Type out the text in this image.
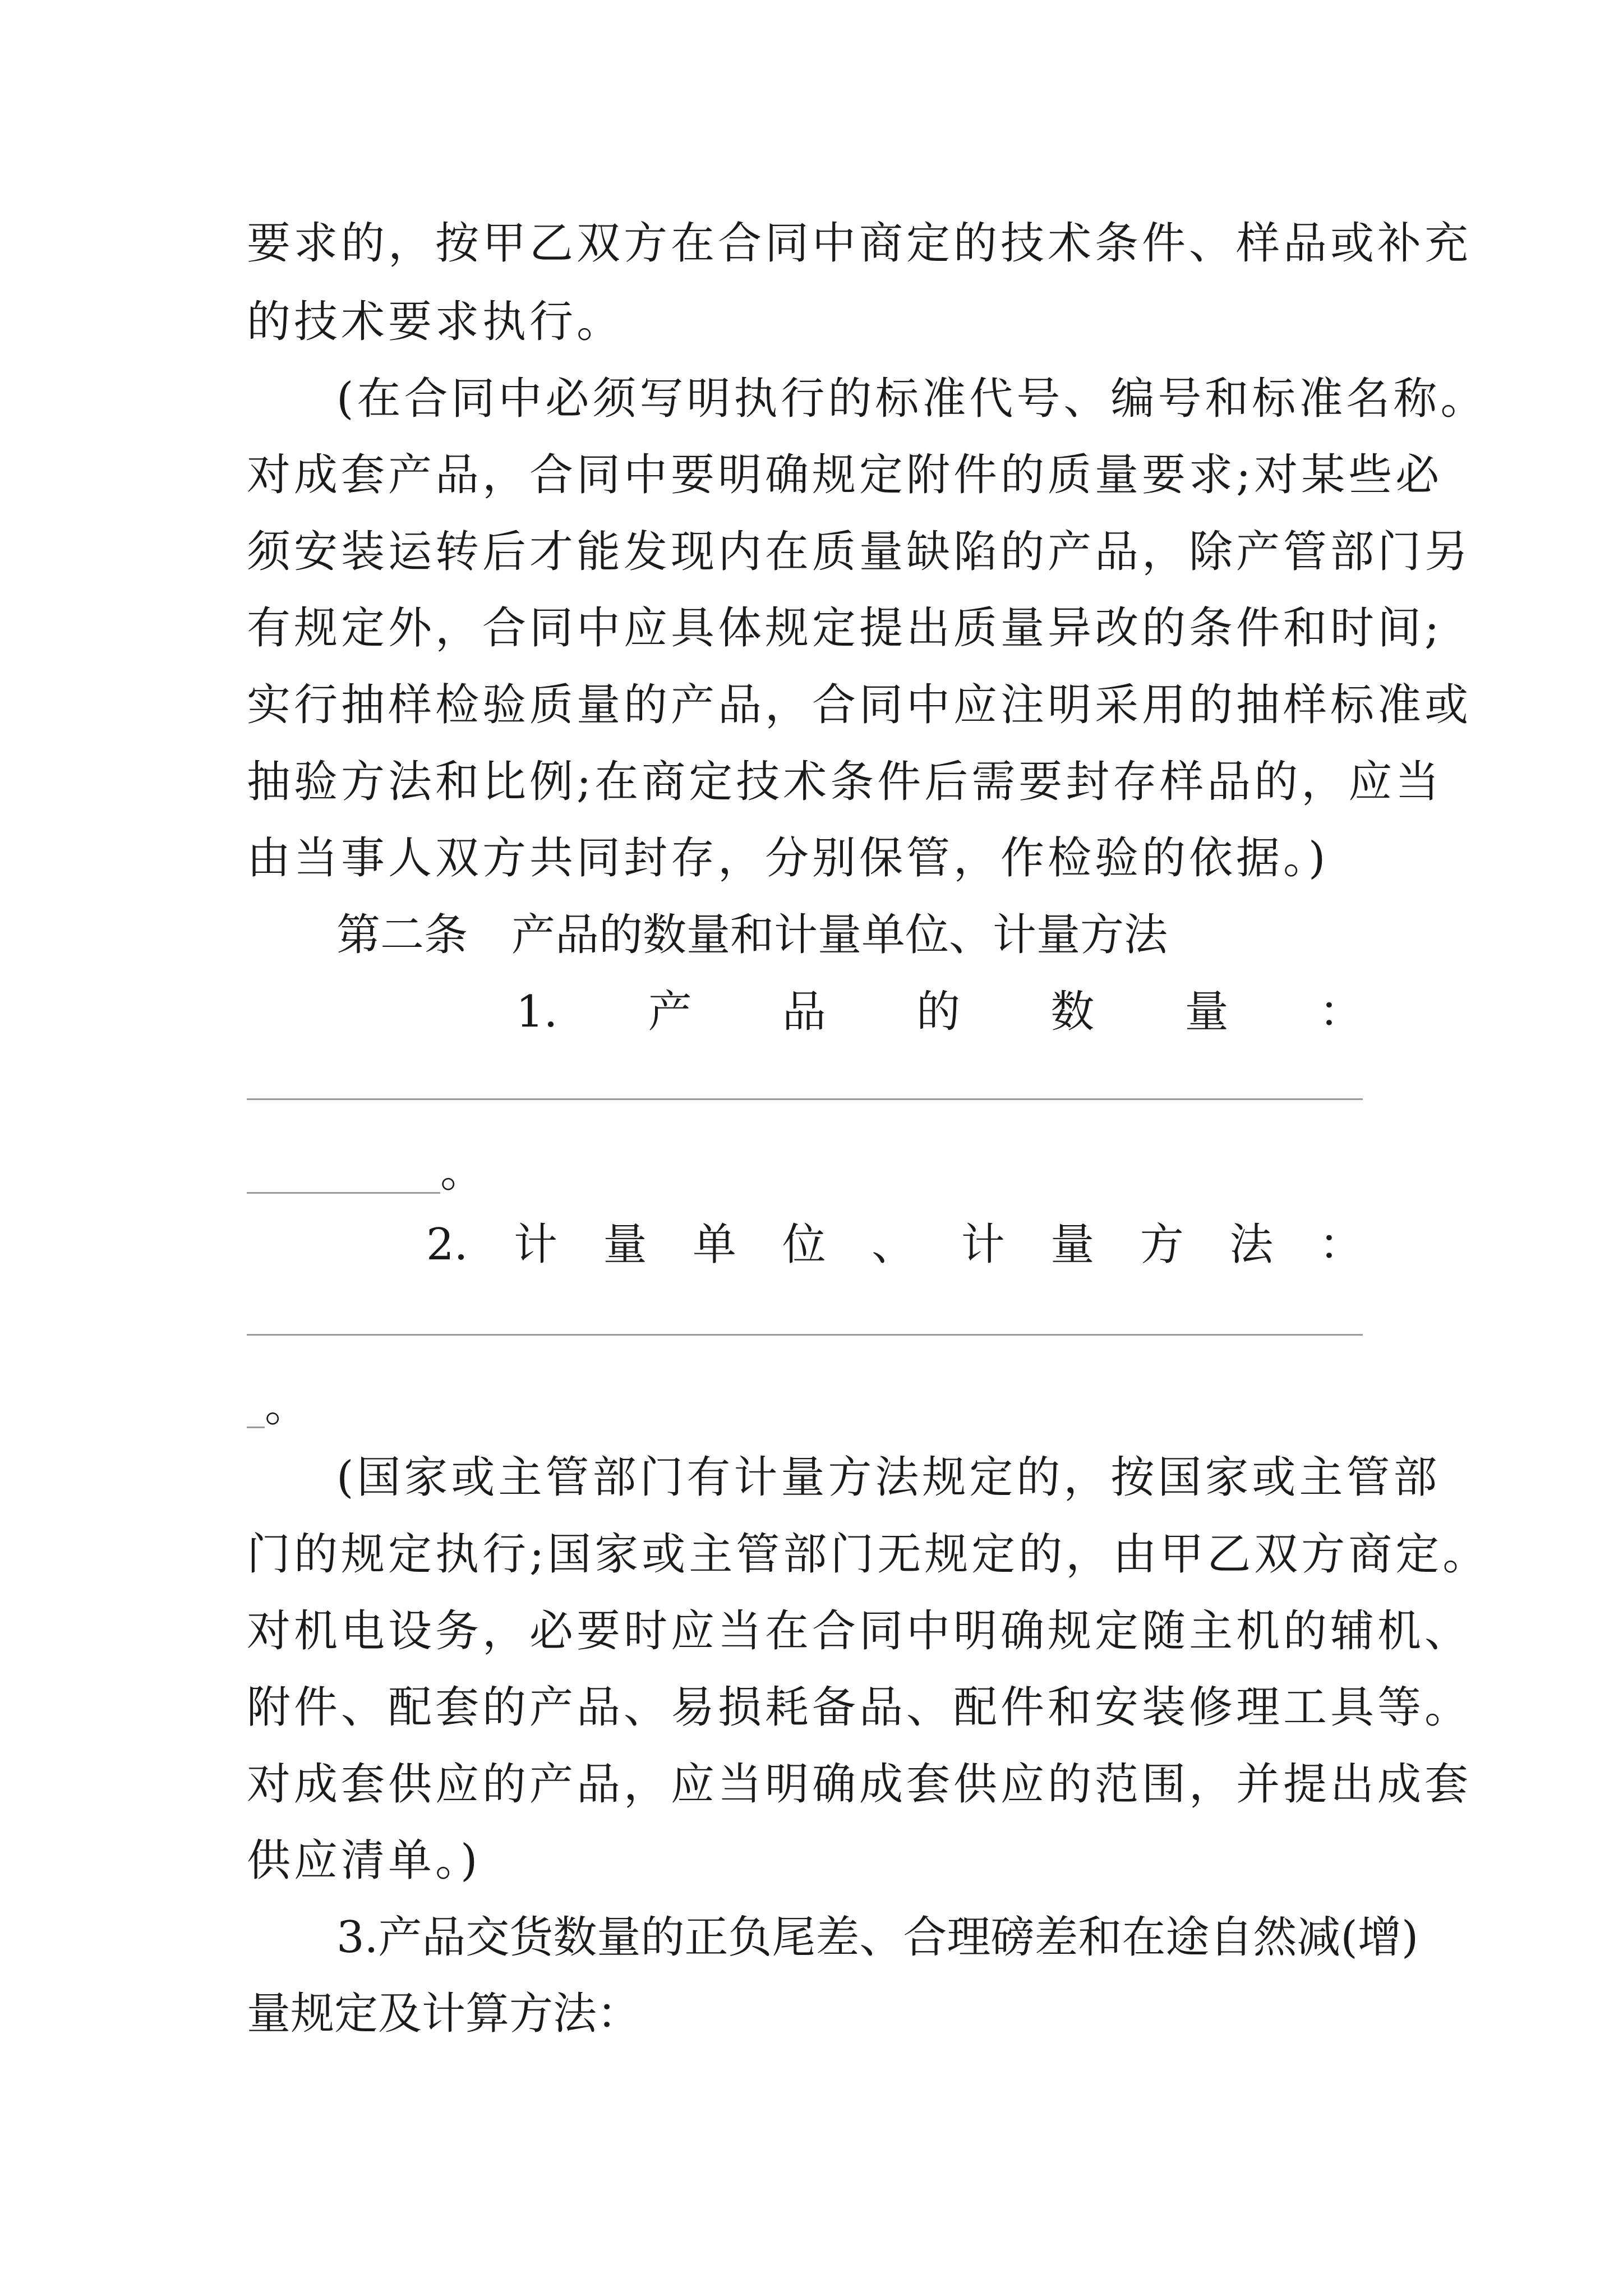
要求的，按甲乙双方在合同中商定的技术条件、样品或补充
的技术要求执行。
(在合同中必须写明执行的标准代号、编号和标准名称。
对成套产品，合同中要明确规定附件的质量要求;对某些必
须安装运转后才能发现内在质量缺陷的产品，除产管部门另
有规定外，合同中应具体规定提出质量异改的条件和时间;
实行抽样检验质量的产品，合同中应注明采用的抽样标准或
抽验方法和比例;在商定技术条件后需要封存样品的，应当
由当事人双方共同封存，分别保管，作检验的依据。)
第二条　产品的数量和计量单位、计量方法
1. 产 品 的 数 量 ：
。
2. 计 量 单 位 、 计 量 方 法 ：
。
(国家或主管部门有计量方法规定的，按国家或主管部
门的规定执行;国家或主管部门无规定的，由甲乙双方商定。
对机电设务，必要时应当在合同中明确规定随主机的辅机、
附件、配套的产品、易损耗备品、配件和安装修理工具等。
对成套供应的产品，应当明确成套供应的范围，并提出成套
供应清单。)
3.产品交货数量的正负尾差、合理磅差和在途自然减(增)
量规定及计算方法：
